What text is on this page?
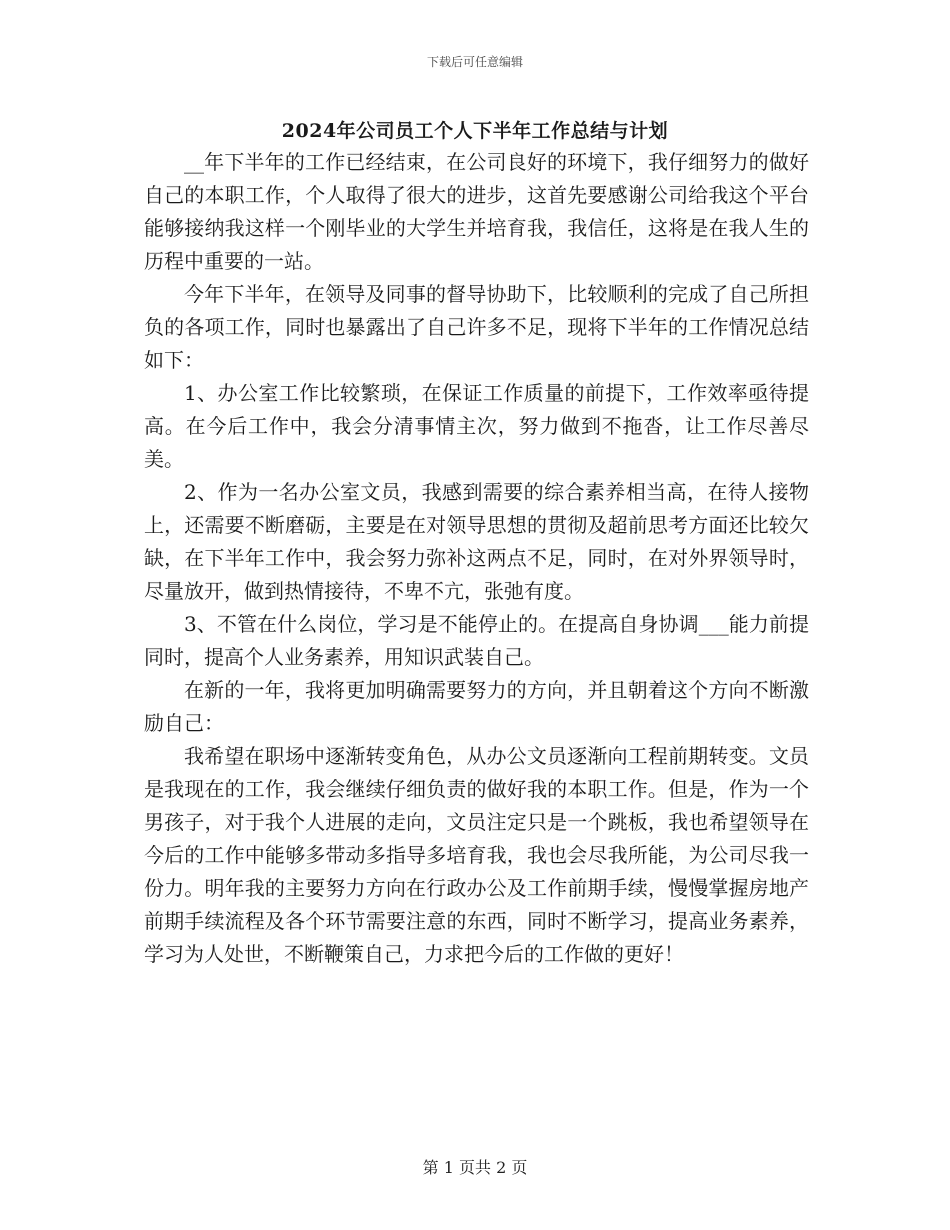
下载后可任意编辑
2024年公司员工个人下半年工作总结与计划

__年下半年的工作已经结束，在公司良好的环境下，我仔细努力的做好自己的本职工作，个人取得了很大的进步，这首先要感谢公司给我这个平台能够接纳我这样一个刚毕业的大学生并培育我，我信任，这将是在我人生的历程中重要的一站。

今年下半年，在领导及同事的督导协助下，比较顺利的完成了自己所担负的各项工作，同时也暴露出了自己许多不足，现将下半年的工作情况总结如下：

1、办公室工作比较繁琐，在保证工作质量的前提下，工作效率亟待提高。在今后工作中，我会分清事情主次，努力做到不拖沓，让工作尽善尽美。

2、作为一名办公室文员，我感到需要的综合素养相当高，在待人接物上，还需要不断磨砺，主要是在对领导思想的贯彻及超前思考方面还比较欠缺，在下半年工作中，我会努力弥补这两点不足，同时，在对外界领导时，尽量放开，做到热情接待，不卑不亢，张弛有度。

3、不管在什么岗位，学习是不能停止的。在提高自身协调___能力前提同时，提高个人业务素养，用知识武装自己。

在新的一年，我将更加明确需要努力的方向，并且朝着这个方向不断激励自己：

我希望在职场中逐渐转变角色，从办公文员逐渐向工程前期转变。文员是我现在的工作，我会继续仔细负责的做好我的本职工作。但是，作为一个男孩子，对于我个人进展的走向，文员注定只是一个跳板，我也希望领导在今后的工作中能够多带动多指导多培育我，我也会尽我所能，为公司尽我一份力。明年我的主要努力方向在行政办公及工作前期手续，慢慢掌握房地产前期手续流程及各个环节需要注意的东西，同时不断学习，提高业务素养，学习为人处世，不断鞭策自己，力求把今后的工作做的更好！

第 1 页共 2 页
